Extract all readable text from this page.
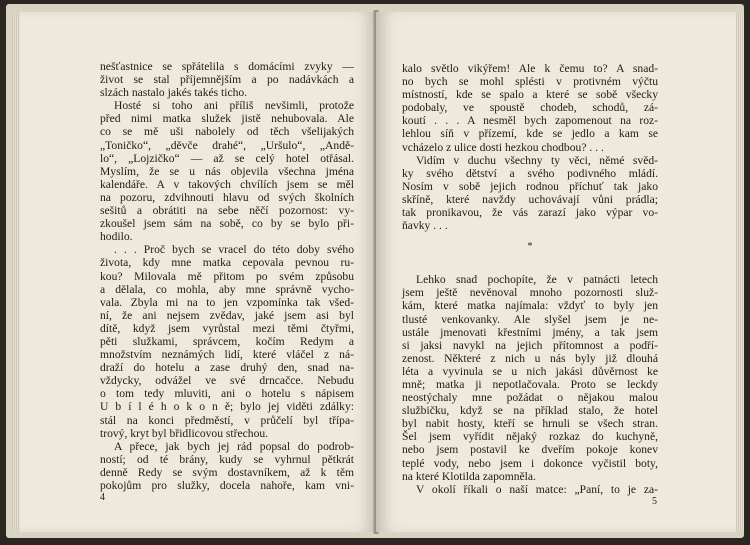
nešťastnice se spřátelila s domácími zvyky —
život se stal příjemnějším a po nadávkách a
slzách nastalo jakés takés ticho.
Hosté si toho ani příliš nevšimli, protože
před nimi matka služek jistě nehubovala. Ale
co se mě uši nabolely od těch všelijakých
„Toničko“, „děvče drahé“, „Uršulo“, „Andě-
lo“, „Lojzičko“ — až se celý hotel otřásal.
Myslím, že se u nás objevila všechna jména
kalendáře. A v takových chvílích jsem se měl
na pozoru, zdvihnouti hlavu od svých školních
sešitů a obrátiti na sebe něčí pozornost: vy-
zkoušel jsem sám na sobě, co by se bylo při-
hodilo.
. . . Proč bych se vracel do této doby svého
života, kdy mne matka cepovala pevnou ru-
kou? Milovala mě přitom po svém způsobu
a dělala, co mohla, aby mne správně vycho-
vala. Zbyla mi na to jen vzpomínka tak všed-
ní, že ani nejsem zvědav, jaké jsem asi byl
dítě, když jsem vyrůstal mezi těmi čtyřmi,
pěti služkami, správcem, kočím Redym a
množstvím neznámých lidí, které vláčel z ná-
draží do hotelu a zase druhý den, snad na-
vždycky, odvážel ve své drncačce. Nebudu
o tom tedy mluviti, ani o hotelu s nápisem
U b í l é h o k o n ě; bylo jej viděti zdálky:
stál na konci předměstí, v průčelí byl třípa-
trový, kryt byl břidlicovou střechou.
A přece, jak bych jej rád popsal do podrob-
ností; od té brány, kudy se vyhrnul pětkrát
denně Redy se svým dostavníkem, až k těm
pokojům pro služky, docela nahoře, kam vni-
4
kalo světlo vikýřem! Ale k čemu to? A snad-
no bych se mohl splésti v protivném výčtu
místností, kde se spalo a které se sobě všecky
podobaly, ve spoustě chodeb, schodů, zá-
koutí . . . A nesměl bych zapomenout na roz-
lehlou síň v přízemí, kde se jedlo a kam se
vcházelo z ulice dosti hezkou chodbou? . . .
Vidím v duchu všechny ty věci, němé svěd-
ky svého dětství a svého podivného mládí.
Nosím v sobě jejich rodnou příchuť tak jako
skříně, které navždy uchovávají vůni prádla;
tak pronikavou, že vás zarazí jako výpar vo-
ňavky . . .
*
Lehko snad pochopíte, že v patnácti letech
jsem ještě nevěnoval mnoho pozornosti služ-
kám, které matka najímala: vždyť to byly jen
tlusté venkovanky. Ale slyšel jsem je ne-
ustále jmenovati křestními jmény, a tak jsem
si jaksi navykl na jejich přítomnost a podří-
zenost. Některé z nich u nás byly již dlouhá
léta a vyvinula se u nich jakási důvěrnost ke
mně; matka ji nepotlačovala. Proto se leckdy
neostýchaly mne požádat o nějakou malou
službičku, když se na příklad stalo, že hotel
byl nabit hosty, kteří se hrnuli se všech stran.
Šel jsem vyřídit nějaký rozkaz do kuchyně,
nebo jsem postavil ke dveřím pokoje konev
teplé vody, nebo jsem i dokonce vyčistil boty,
na které Klotilda zapomněla.
V okolí říkali o naší matce: „Paní, to je za-
5
